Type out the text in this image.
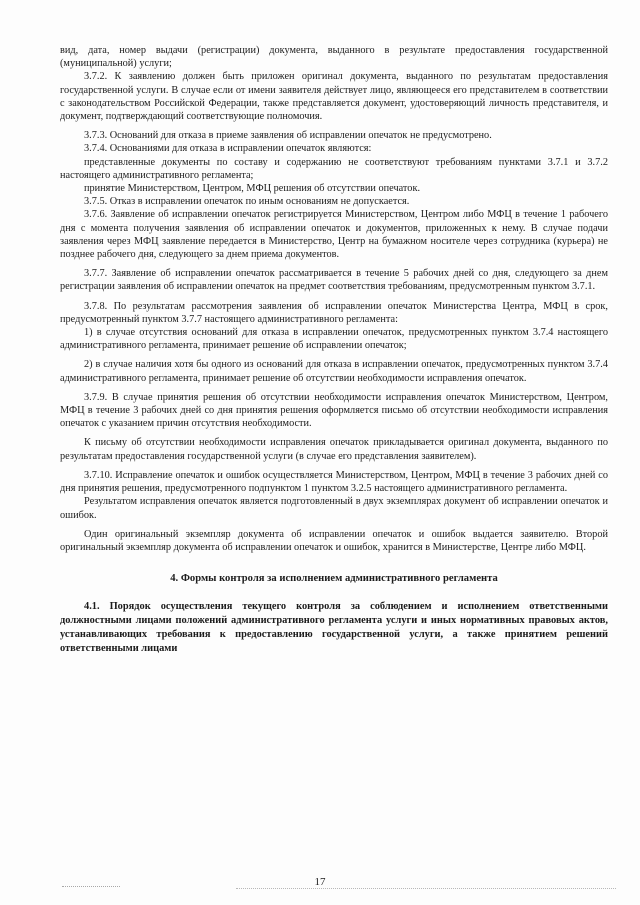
вид, дата, номер выдачи (регистрации) документа, выданного в результате предоставления государственной (муниципальной) услуги;

3.7.2. К заявлению должен быть приложен оригинал документа, выданного по результатам предоставления государственной услуги. В случае если от имени заявителя действует лицо, являющееся его представителем в соответствии с законодательством Российской Федерации, также представляется документ, удостоверяющий личность представителя, и документ, подтверждающий соответствующие полномочия.

3.7.3. Оснований для отказа в приеме заявления об исправлении опечаток не предусмотрено.

3.7.4. Основаниями для отказа в исправлении опечаток являются:

представленные документы по составу и содержанию не соответствуют требованиям пунктами 3.7.1 и 3.7.2 настоящего административного регламента;

принятие Министерством, Центром, МФЦ решения об отсутствии опечаток.

3.7.5. Отказ в исправлении опечаток по иным основаниям не допускается.

3.7.6. Заявление об исправлении опечаток регистрируется Министерством, Центром либо МФЦ в течение 1 рабочего дня с момента получения заявления об исправлении опечаток и документов, приложенных к нему. В случае подачи заявления через МФЦ заявление передается в Министерство, Центр на бумажном носителе через сотрудника (курьера) не позднее рабочего дня, следующего за днем приема документов.

3.7.7. Заявление об исправлении опечаток рассматривается в течение 5 рабочих дней со дня, следующего за днем регистрации заявления об исправлении опечаток на предмет соответствия требованиям, предусмотренным пунктом 3.7.1.

3.7.8. По результатам рассмотрения заявления об исправлении опечаток Министерства Центра, МФЦ в срок, предусмотренный пунктом 3.7.7 настоящего административного регламента:

1) в случае отсутствия оснований для отказа в исправлении опечаток, предусмотренных пунктом 3.7.4 настоящего административного регламента, принимает решение об исправлении опечаток;

2) в случае наличия хотя бы одного из оснований для отказа в исправлении опечаток, предусмотренных пунктом 3.7.4 административного регламента, принимает решение об отсутствии необходимости исправления опечаток.

3.7.9. В случае принятия решения об отсутствии необходимости исправления опечаток Министерством, Центром, МФЦ в течение 3 рабочих дней со дня принятия решения оформляется письмо об отсутствии необходимости исправления опечаток с указанием причин отсутствия необходимости.

К письму об отсутствии необходимости исправления опечаток прикладывается оригинал документа, выданного по результатам предоставления государственной услуги (в случае его представления заявителем).

3.7.10. Исправление опечаток и ошибок осуществляется Министерством, Центром, МФЦ в течение 3 рабочих дней со дня принятия решения, предусмотренного подпунктом 1 пунктом 3.2.5 настоящего административного регламента.

Результатом исправления опечаток является подготовленный в двух экземплярах документ об исправлении опечаток и ошибок.

Один оригинальный экземпляр документа об исправлении опечаток и ошибок выдается заявителю. Второй оригинальный экземпляр документа об исправлении опечаток и ошибок, хранится в Министерстве, Центре либо МФЦ.

4. Формы контроля за исполнением административного регламента

4.1. Порядок осуществления текущего контроля за соблюдением и исполнением ответственными должностными лицами положений административного регламента услуги и иных нормативных правовых актов, устанавливающих требования к предоставлению государственной услуги, а также принятием решений ответственными лицами

17
